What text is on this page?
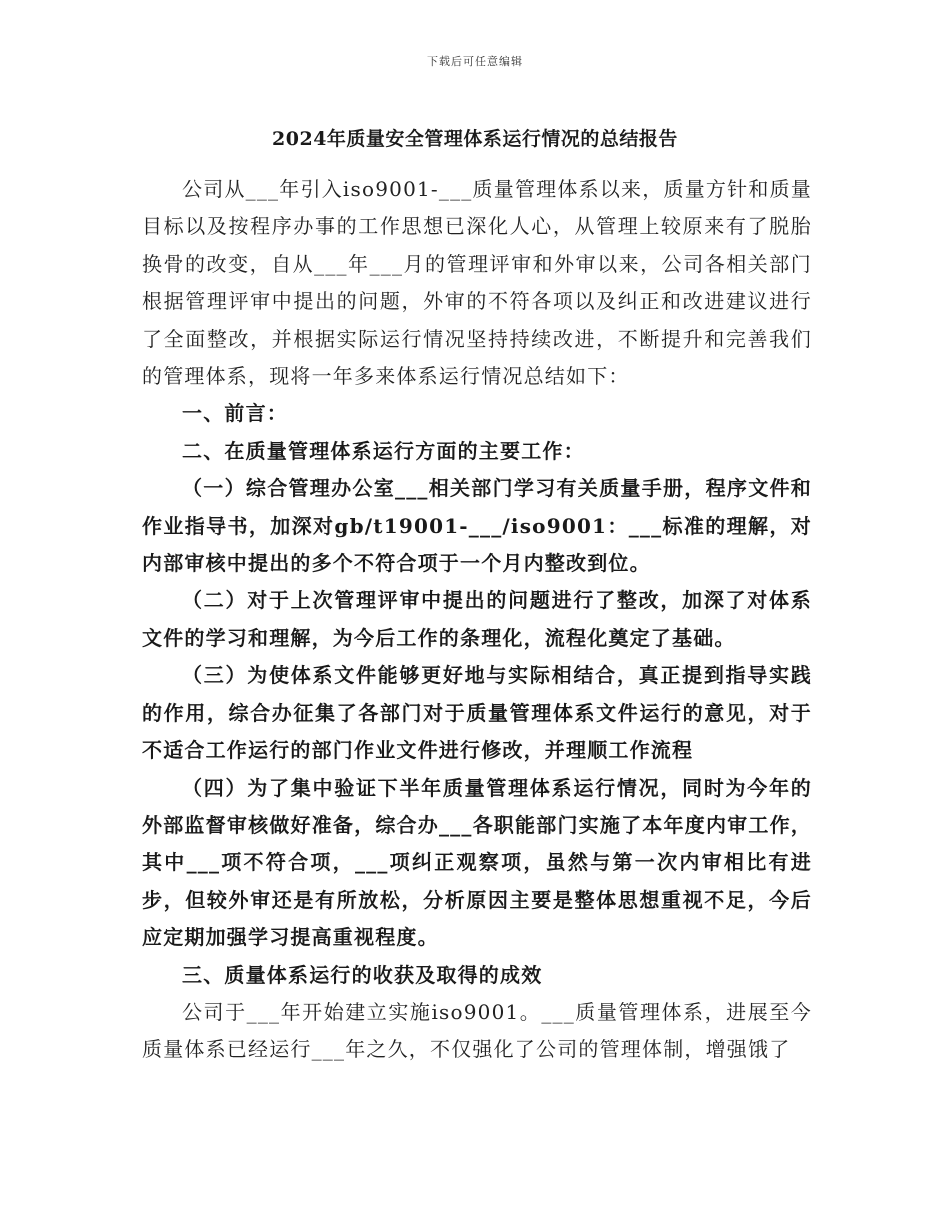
下载后可任意编辑
2024年质量安全管理体系运行情况的总结报告

公司从___年引入iso9001-___质量管理体系以来，质量方针和质量目标以及按程序办事的工作思想已深化人心，从管理上较原来有了脱胎换骨的改变，自从___年___月的管理评审和外审以来，公司各相关部门根据管理评审中提出的问题，外审的不符各项以及纠正和改进建议进行了全面整改，并根据实际运行情况坚持持续改进，不断提升和完善我们的管理体系，现将一年多来体系运行情况总结如下：

一、前言：

二、在质量管理体系运行方面的主要工作：

（一）综合管理办公室___相关部门学习有关质量手册，程序文件和作业指导书，加深对gb/t19001-___/iso9001：___标准的理解，对内部审核中提出的多个不符合项于一个月内整改到位。

（二）对于上次管理评审中提出的问题进行了整改，加深了对体系文件的学习和理解，为今后工作的条理化，流程化奠定了基础。

（三）为使体系文件能够更好地与实际相结合，真正提到指导实践的作用，综合办征集了各部门对于质量管理体系文件运行的意见，对于不适合工作运行的部门作业文件进行修改，并理顺工作流程

（四）为了集中验证下半年质量管理体系运行情况，同时为今年的外部监督审核做好准备，综合办___各职能部门实施了本年度内审工作，其中___项不符合项，___项纠正观察项，虽然与第一次内审相比有进步，但较外审还是有所放松，分析原因主要是整体思想重视不足，今后应定期加强学习提高重视程度。

三、质量体系运行的收获及取得的成效

公司于___年开始建立实施iso9001。___质量管理体系，进展至今质量体系已经运行___年之久，不仅强化了公司的管理体制，增强饿了
